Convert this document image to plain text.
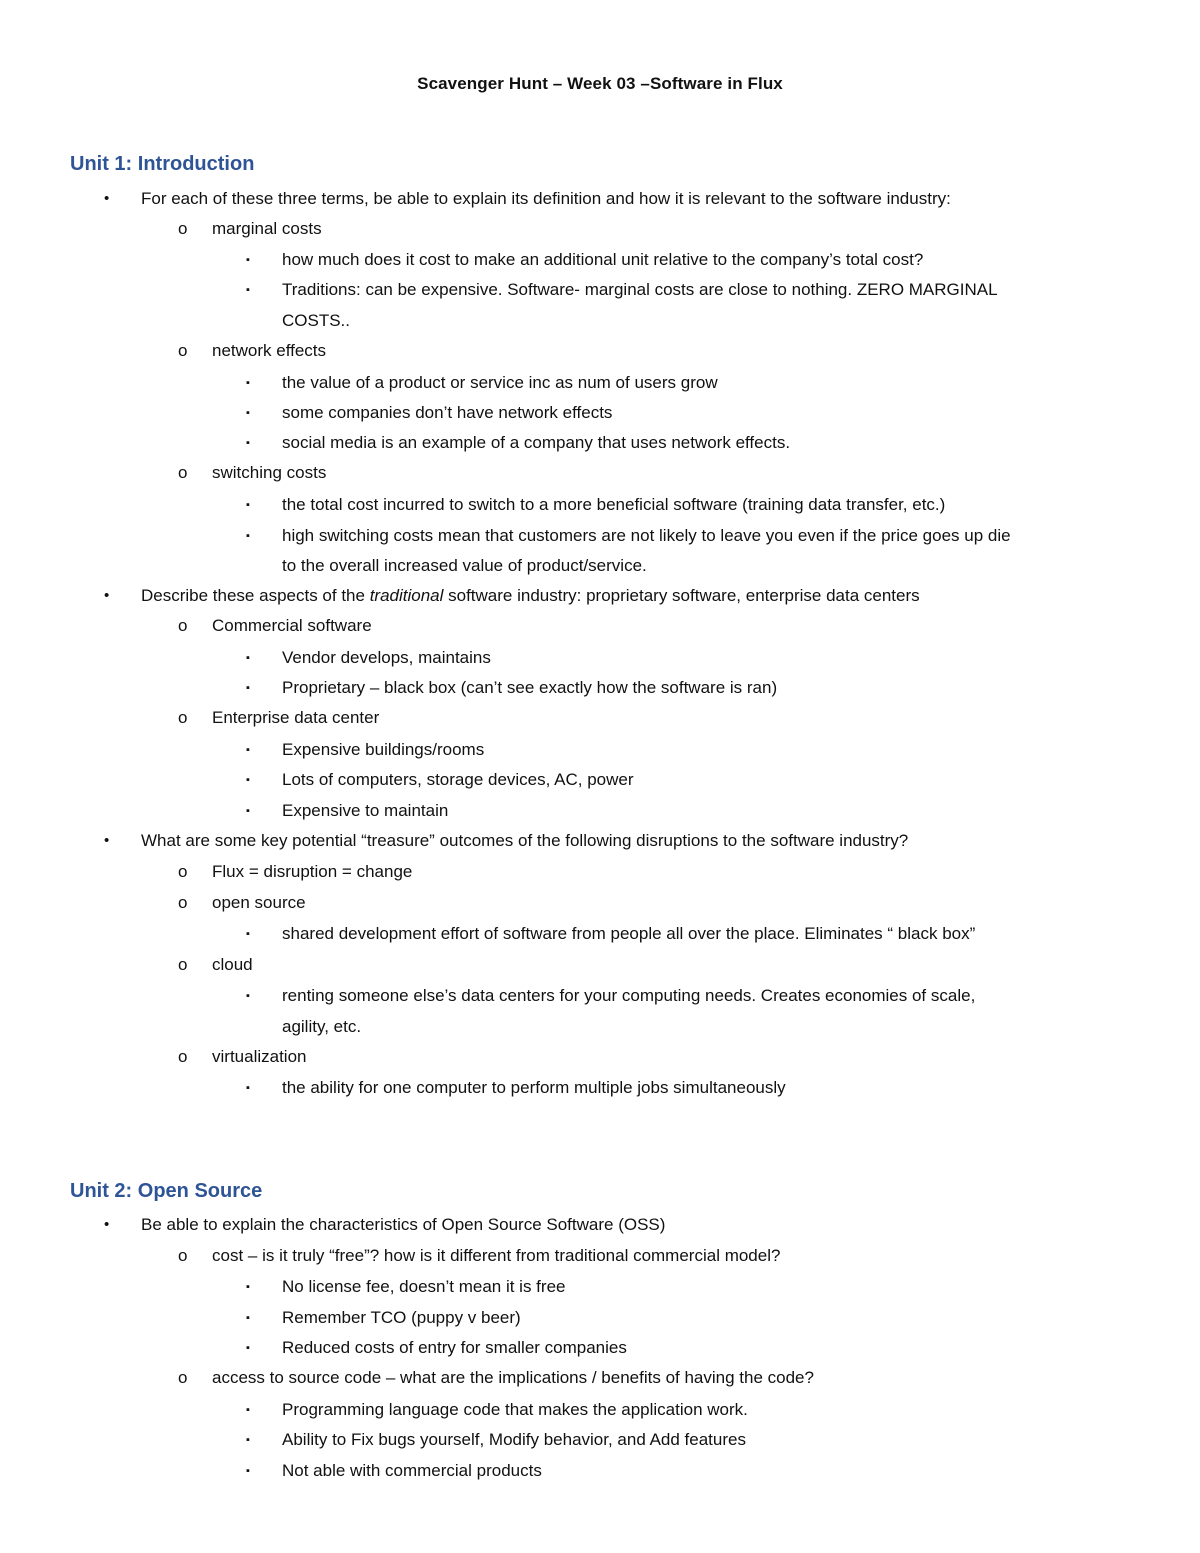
Scavenger Hunt – Week 03 –Software in Flux
Unit 1: Introduction
• For each of these three terms, be able to explain its definition and how it is relevant to the software industry:
o marginal costs
▪ how much does it cost to make an additional unit relative to the company’s total cost?
▪ Traditions: can be expensive. Software- marginal costs are close to nothing. ZERO MARGINAL
COSTS..
o network effects
▪ the value of a product or service inc as num of users grow
▪ some companies don’t have network effects
▪ social media is an example of a company that uses network effects.
o switching costs
▪ the total cost incurred to switch to a more beneficial software (training data transfer, etc.)
▪ high switching costs mean that customers are not likely to leave you even if the price goes up die
to the overall increased value of product/service.
• Describe these aspects of the traditional software industry: proprietary software, enterprise data centers
o Commercial software
▪ Vendor develops, maintains
▪ Proprietary – black box (can’t see exactly how the software is ran)
o Enterprise data center
▪ Expensive buildings/rooms
▪ Lots of computers, storage devices, AC, power
▪ Expensive to maintain
• What are some key potential “treasure” outcomes of the following disruptions to the software industry?
o Flux = disruption = change
o open source
▪ shared development effort of software from people all over the place. Eliminates “ black box”
o cloud
▪ renting someone else’s data centers for your computing needs. Creates economies of scale,
agility, etc.
o virtualization
▪ the ability for one computer to perform multiple jobs simultaneously
Unit 2: Open Source
• Be able to explain the characteristics of Open Source Software (OSS)
o cost – is it truly “free”? how is it different from traditional commercial model?
▪ No license fee, doesn’t mean it is free
▪ Remember TCO (puppy v beer)
▪ Reduced costs of entry for smaller companies
o access to source code – what are the implications / benefits of having the code?
▪ Programming language code that makes the application work.
▪ Ability to Fix bugs yourself, Modify behavior, and Add features
▪ Not able with commercial products
